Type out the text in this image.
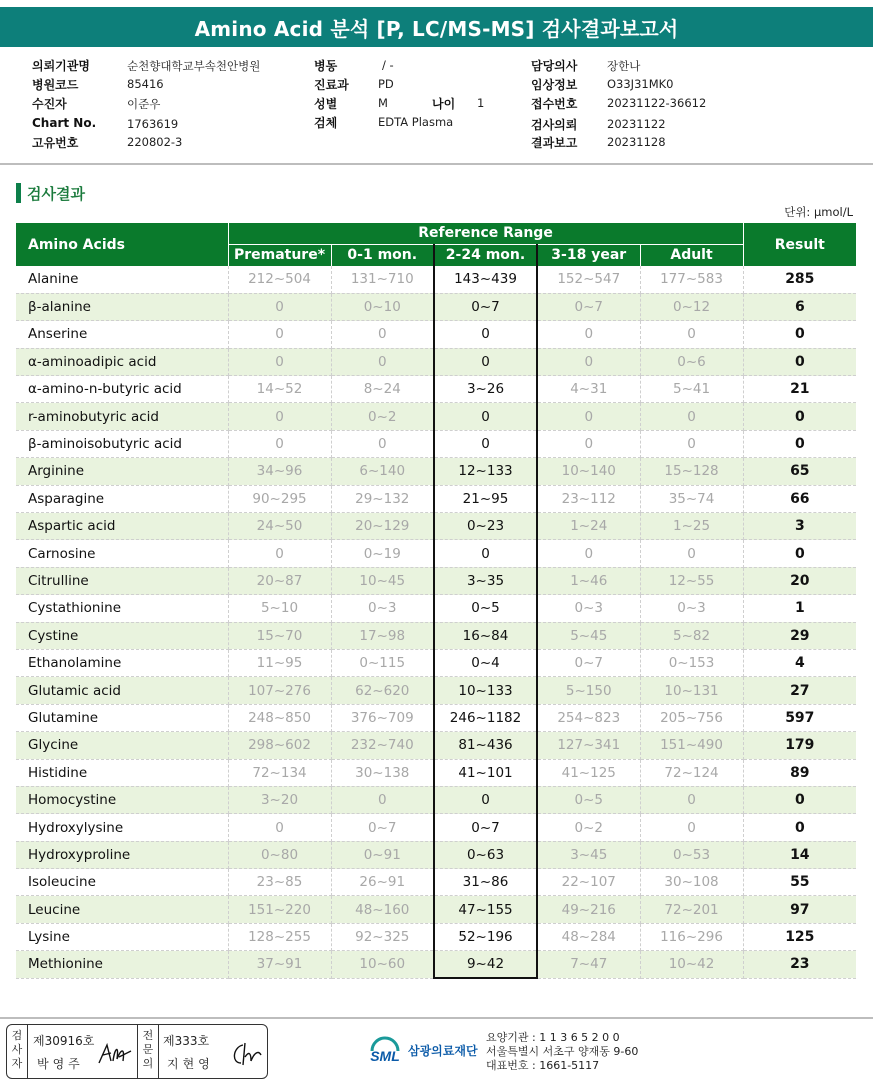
Amino Acid 분석 [P, LC/MS-MS] 검사결과보고서
의뢰기관명	순천향대학교부속천안병원
병원코드	85416
수진자	이준우
Chart No.	1763619
고유번호	220802-3
병동	/ -
진료과	PD
성별	M	나이 1
검체	EDTA Plasma
담당의사	장한나
임상정보	O33J31MK0
접수번호	20231122-36612
검사의뢰	20231122
결과보고	20231128
검사결과
단위: µmol/L
Amino Acids	Reference Range					Result
	Premature*	0-1 mon.	2-24 mon.	3-18 year	Adult	
Alanine	212~504	131~710	143~439	152~547	177~583	285
β-alanine	0	0~10	0~7	0~7	0~12	6
Anserine	0	0	0	0	0	0
α-aminoadipic acid	0	0	0	0	0~6	0
α-amino-n-butyric acid	14~52	8~24	3~26	4~31	5~41	21
r-aminobutyric acid	0	0~2	0	0	0	0
β-aminoisobutyric acid	0	0	0	0	0	0
Arginine	34~96	6~140	12~133	10~140	15~128	65
Asparagine	90~295	29~132	21~95	23~112	35~74	66
Aspartic acid	24~50	20~129	0~23	1~24	1~25	3
Carnosine	0	0~19	0	0	0	0
Citrulline	20~87	10~45	3~35	1~46	12~55	20
Cystathionine	5~10	0~3	0~5	0~3	0~3	1
Cystine	15~70	17~98	16~84	5~45	5~82	29
Ethanolamine	11~95	0~115	0~4	0~7	0~153	4
Glutamic acid	107~276	62~620	10~133	5~150	10~131	27
Glutamine	248~850	376~709	246~1182	254~823	205~756	597
Glycine	298~602	232~740	81~436	127~341	151~490	179
Histidine	72~134	30~138	41~101	41~125	72~124	89
Homocystine	3~20	0	0	0~5	0	0
Hydroxylysine	0	0~7	0~7	0~2	0	0
Hydroxyproline	0~80	0~91	0~63	3~45	0~53	14
Isoleucine	23~85	26~91	31~86	22~107	30~108	55
Leucine	151~220	48~160	47~155	49~216	72~201	97
Lysine	128~255	92~325	52~196	48~284	116~296	125
Methionine	37~91	10~60	9~42	7~47	10~42	23
검사자
제30916호
박영주
전문의
제333호
지현영	SML 삼광의료재단
요양기관 : 1 1 3 6 5 2 0 0
서울특별시 서초구 양재동 9-60
대표번호 : 1661-5117
